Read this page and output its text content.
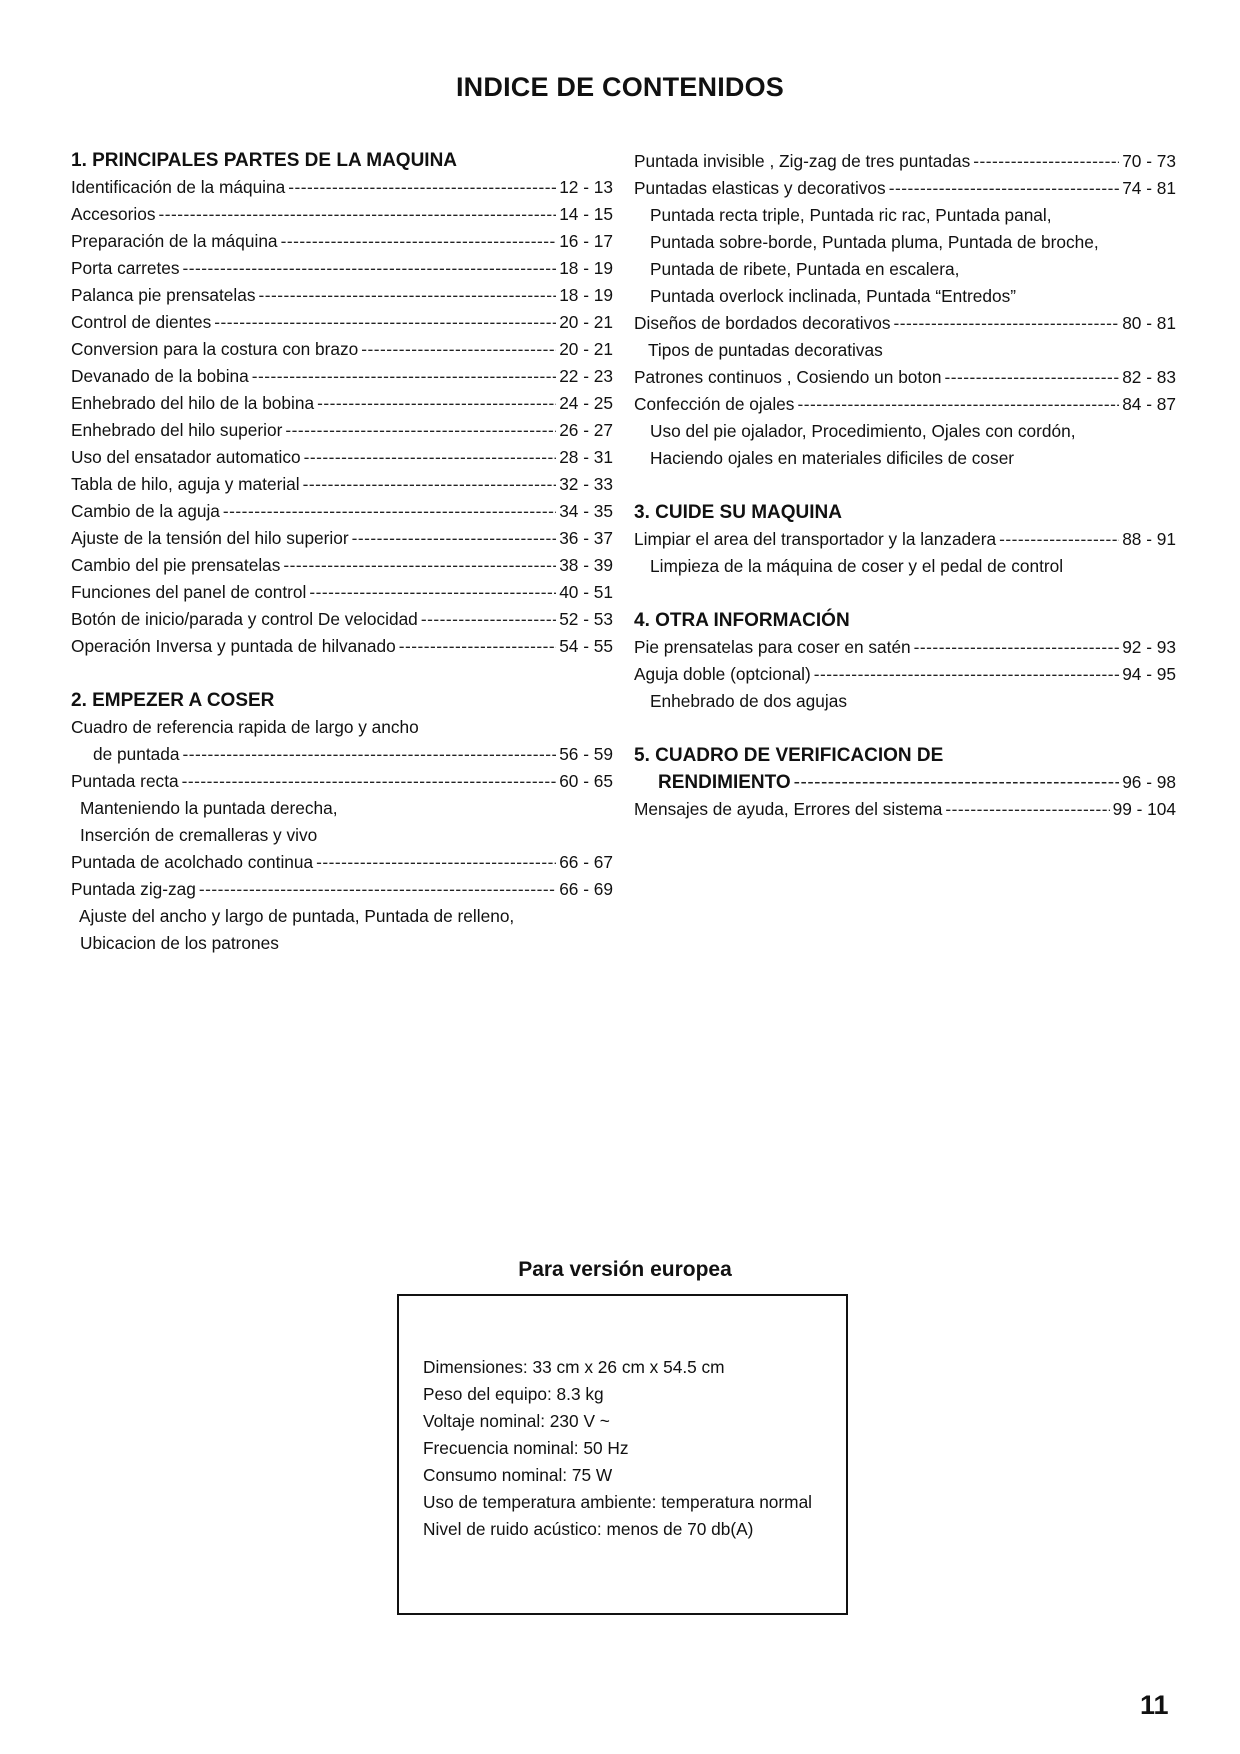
INDICE DE CONTENIDOS
1. PRINCIPALES PARTES DE LA MAQUINA
Identificación de la máquina -----	12 - 13
Accesorios -----	14 - 15
Preparación de la máquina -----	16 - 17
Porta carretes -----	18 - 19
Palanca pie prensatelas -----	18 - 19
Control de dientes -----	20 - 21
Conversion para la costura con brazo -----	20 - 21
Devanado de la bobina -----	22 - 23
Enhebrado del hilo de la bobina -----	24 - 25
Enhebrado del hilo superior -----	26 - 27
Uso del ensatador automatico -----	28 - 31
Tabla de hilo, aguja y material -----	32 - 33
Cambio de la aguja -----	34 - 35
Ajuste de la tensión del hilo superior -----	36 - 37
Cambio del pie prensatelas -----	38 - 39
Funciones del panel de control -----	40 - 51
Botón de inicio/parada y control De velocidad -----	52 - 53
Operación Inversa y puntada de hilvanado -----	54 - 55
2. EMPEZER A COSER
Cuadro de referencia rapida de largo y ancho
de puntada -----	56 - 59
Puntada recta -----	60 - 65
Manteniendo la puntada derecha,
Inserción de cremalleras y vivo
Puntada de acolchado continua -----	66 - 67
Puntada zig-zag -----	66 - 69
Ajuste del ancho y largo de puntada, Puntada de relleno,
Ubicacion de los patrones
Puntada invisible , Zig-zag de tres puntadas -----	70 - 73
Puntadas elasticas y decorativos -----	74 - 81
Puntada recta triple, Puntada ric rac, Puntada panal,
Puntada sobre-borde, Puntada pluma, Puntada de broche,
Puntada de ribete, Puntada en escalera,
Puntada overlock inclinada, Puntada “Entredos”
Diseños de bordados decorativos -----	80 - 81
Tipos de puntadas decorativas
Patrones continuos , Cosiendo un boton -----	82 - 83
Confección de ojales -----	84 - 87
Uso del pie ojalador, Procedimiento, Ojales con cordón,
Haciendo ojales en materiales dificiles de coser
3. CUIDE SU MAQUINA
Limpiar el area del transportador y la lanzadera -----	88 - 91
Limpieza de la máquina de coser y el pedal de control
4. OTRA INFORMACIÓN
Pie prensatelas para coser en satén -----	92 - 93
Aguja doble (optcional) -----	94 - 95
Enhebrado de dos agujas
5. CUADRO DE VERIFICACION DE
RENDIMIENTO -----	96 - 98
Mensajes de ayuda, Errores del sistema -----	99 - 104
Para versión europea
Dimensiones: 33 cm x 26 cm x 54.5 cm
Peso del equipo: 8.3 kg
Voltaje nominal: 230 V ~
Frecuencia nominal: 50 Hz
Consumo nominal: 75 W
Uso de temperatura ambiente: temperatura normal
Nivel de ruido acústico: menos de 70 db(A)
11
